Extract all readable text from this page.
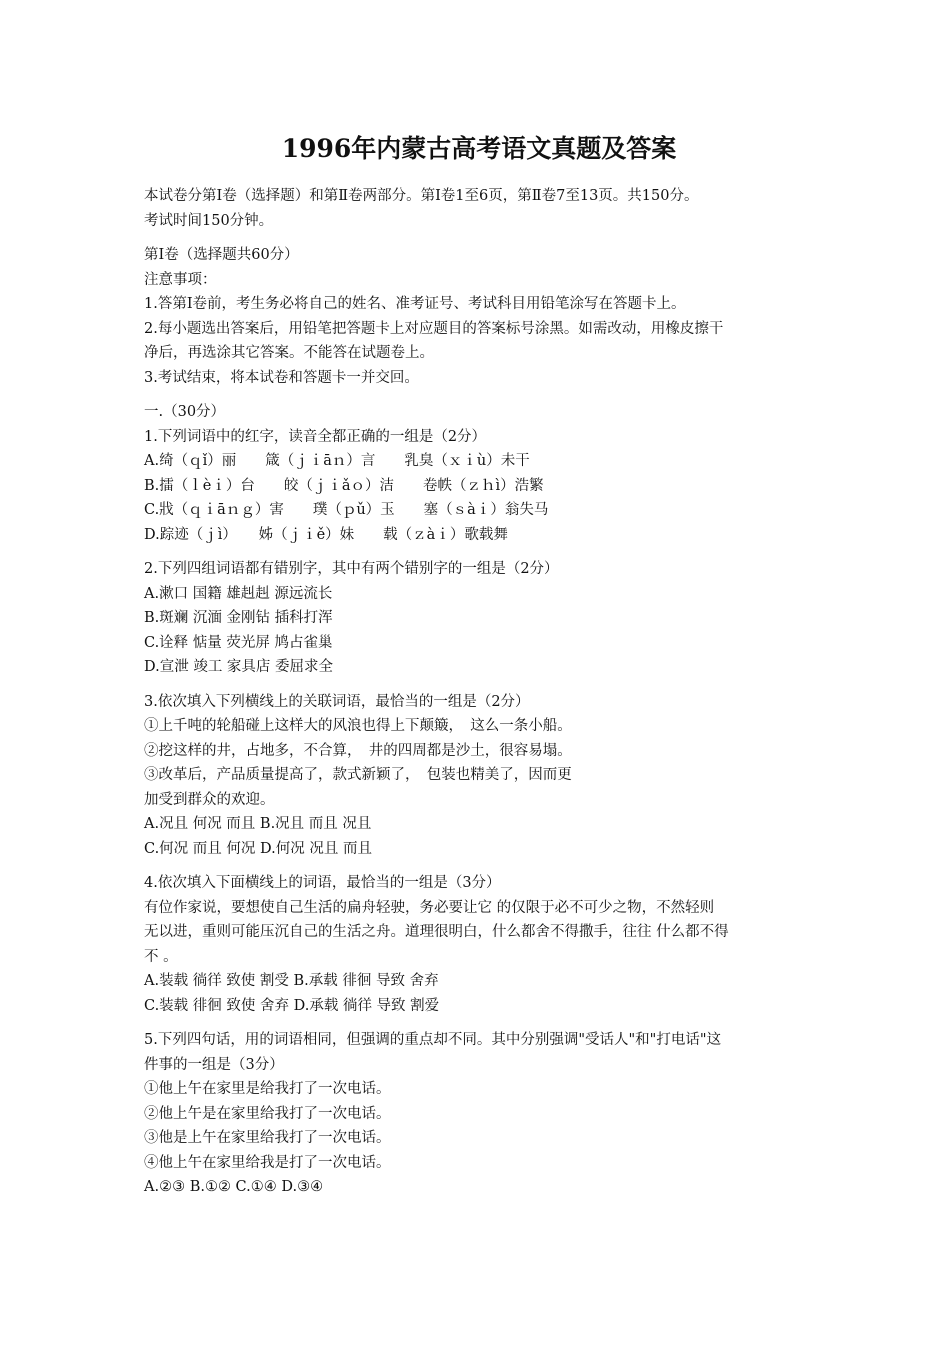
1996年内蒙古高考语文真题及答案
本试卷分第Ⅰ卷（选择题）和第Ⅱ卷两部分。第Ⅰ卷1至6页，第Ⅱ卷7至13页。共150分。
考试时间150分钟。
第Ⅰ卷（选择题共60分）
注意事项：
1.答第Ⅰ卷前，考生务必将自己的姓名、准考证号、考试科目用铅笔涂写在答题卡上。
2.每小题选出答案后，用铅笔把答题卡上对应题目的答案标号涂黑。如需改动，用橡皮擦干
净后，再选涂其它答案。不能答在试题卷上。
3.考试结束，将本试卷和答题卡一并交回。
一.（30分）
1.下列词语中的红字，读音全都正确的一组是（2分）
A.绮（ｑǐ）丽　　箴（ｊｉāｎ）言　　乳臭（ｘｉù）未干
B.擂（ｌèｉ）台　　皎（ｊｉǎｏ）洁　　卷帙（ｚｈì）浩繁
C.戕（ｑｉāｎｇ）害　　璞（ｐǔ）玉　　塞（ｓàｉ）翁失马
D.踪迹（ｊì）　　姊（ｊｉě）妹　　载（ｚàｉ）歌载舞
2.下列四组词语都有错别字，其中有两个错别字的一组是（2分）
A.漱口 国籍 雄赳赳 源远流长
B.斑斓 沉湎 金刚钻 插科打浑
C.诠释 惦量 荧光屏 鸠占雀巢
D.宣泄 竣工 家具店 委屈求全
3.依次填入下列横线上的关联词语，最恰当的一组是（2分）
①上千吨的轮船碰上这样大的风浪也得上下颠簸，　这么一条小船。
②挖这样的井，占地多，不合算，　井的四周都是沙土，很容易塌。
③改革后，产品质量提高了，款式新颖了，　包装也精美了，因而更
加受到群众的欢迎。
A.况且 何况 而且 B.况且 而且 况且
C.何况 而且 何况 D.何况 况且 而且
4.依次填入下面横线上的词语，最恰当的一组是（3分）
有位作家说，要想使自己生活的扁舟轻驶，务必要让它 的仅限于必不可少之物，不然轻则
无以进，重则可能压沉自己的生活之舟。道理很明白，什么都舍不得撒手，往往 什么都不得
不 。
A.装载 徜徉 致使 割受 B.承载 徘徊 导致 舍弃
C.装载 徘徊 致使 舍弃 D.承载 徜徉 导致 割爱
5.下列四句话，用的词语相同，但强调的重点却不同。其中分别强调"受话人"和"打电话"这
件事的一组是（3分）
①他上午在家里是给我打了一次电话。
②他上午是在家里给我打了一次电话。
③他是上午在家里给我打了一次电话。
④他上午在家里给我是打了一次电话。
A.②③ B.①② C.①④ D.③④
